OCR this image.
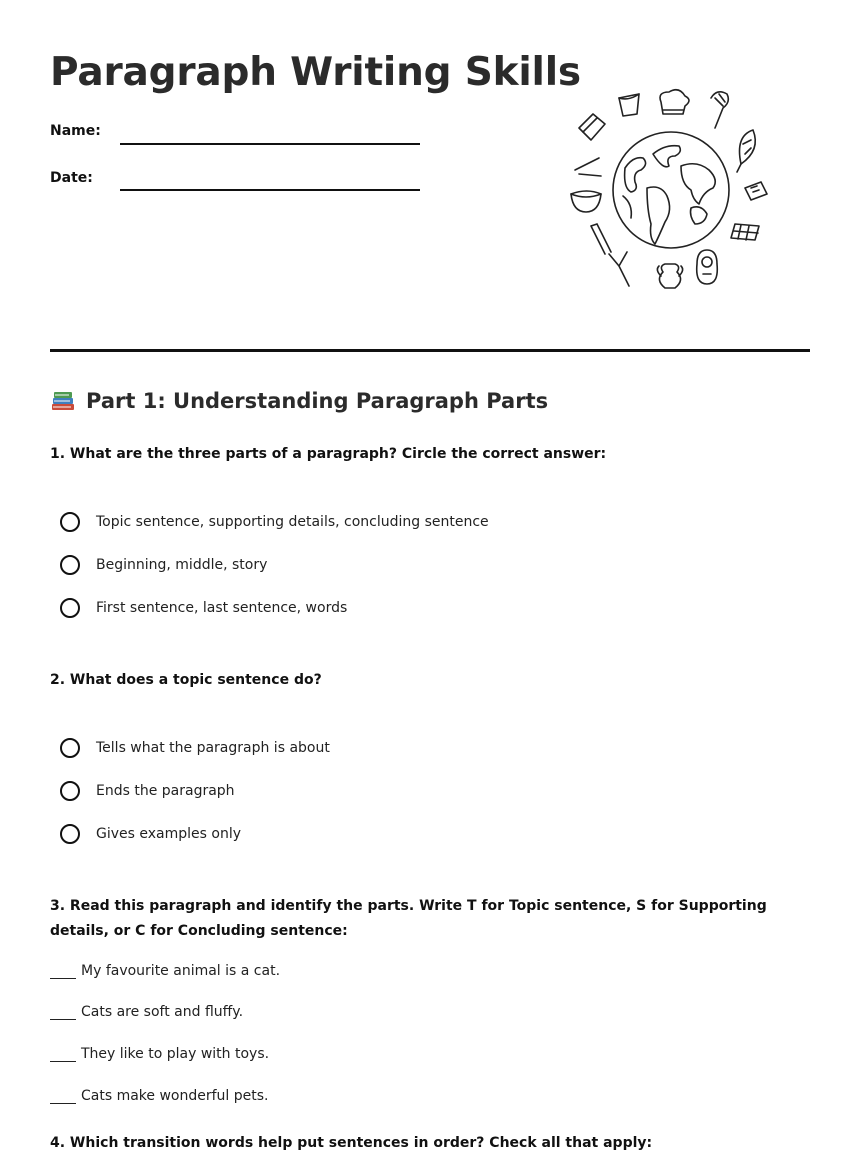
Paragraph Writing Skills
Name:
Date:
Part 1: Understanding Paragraph Parts

1. What are the three parts of a paragraph? Circle the correct answer:

Topic sentence, supporting details, concluding sentence
Beginning, middle, story
First sentence, last sentence, words

2. What does a topic sentence do?

Tells what the paragraph is about
Ends the paragraph
Gives examples only

3. Read this paragraph and identify the parts. Write T for Topic sentence, S for Supporting details, or C for Concluding sentence:

My favourite animal is a cat.
Cats are soft and fluffy.
They like to play with toys.
Cats make wonderful pets.

4. Which transition words help put sentences in order? Check all that apply:
